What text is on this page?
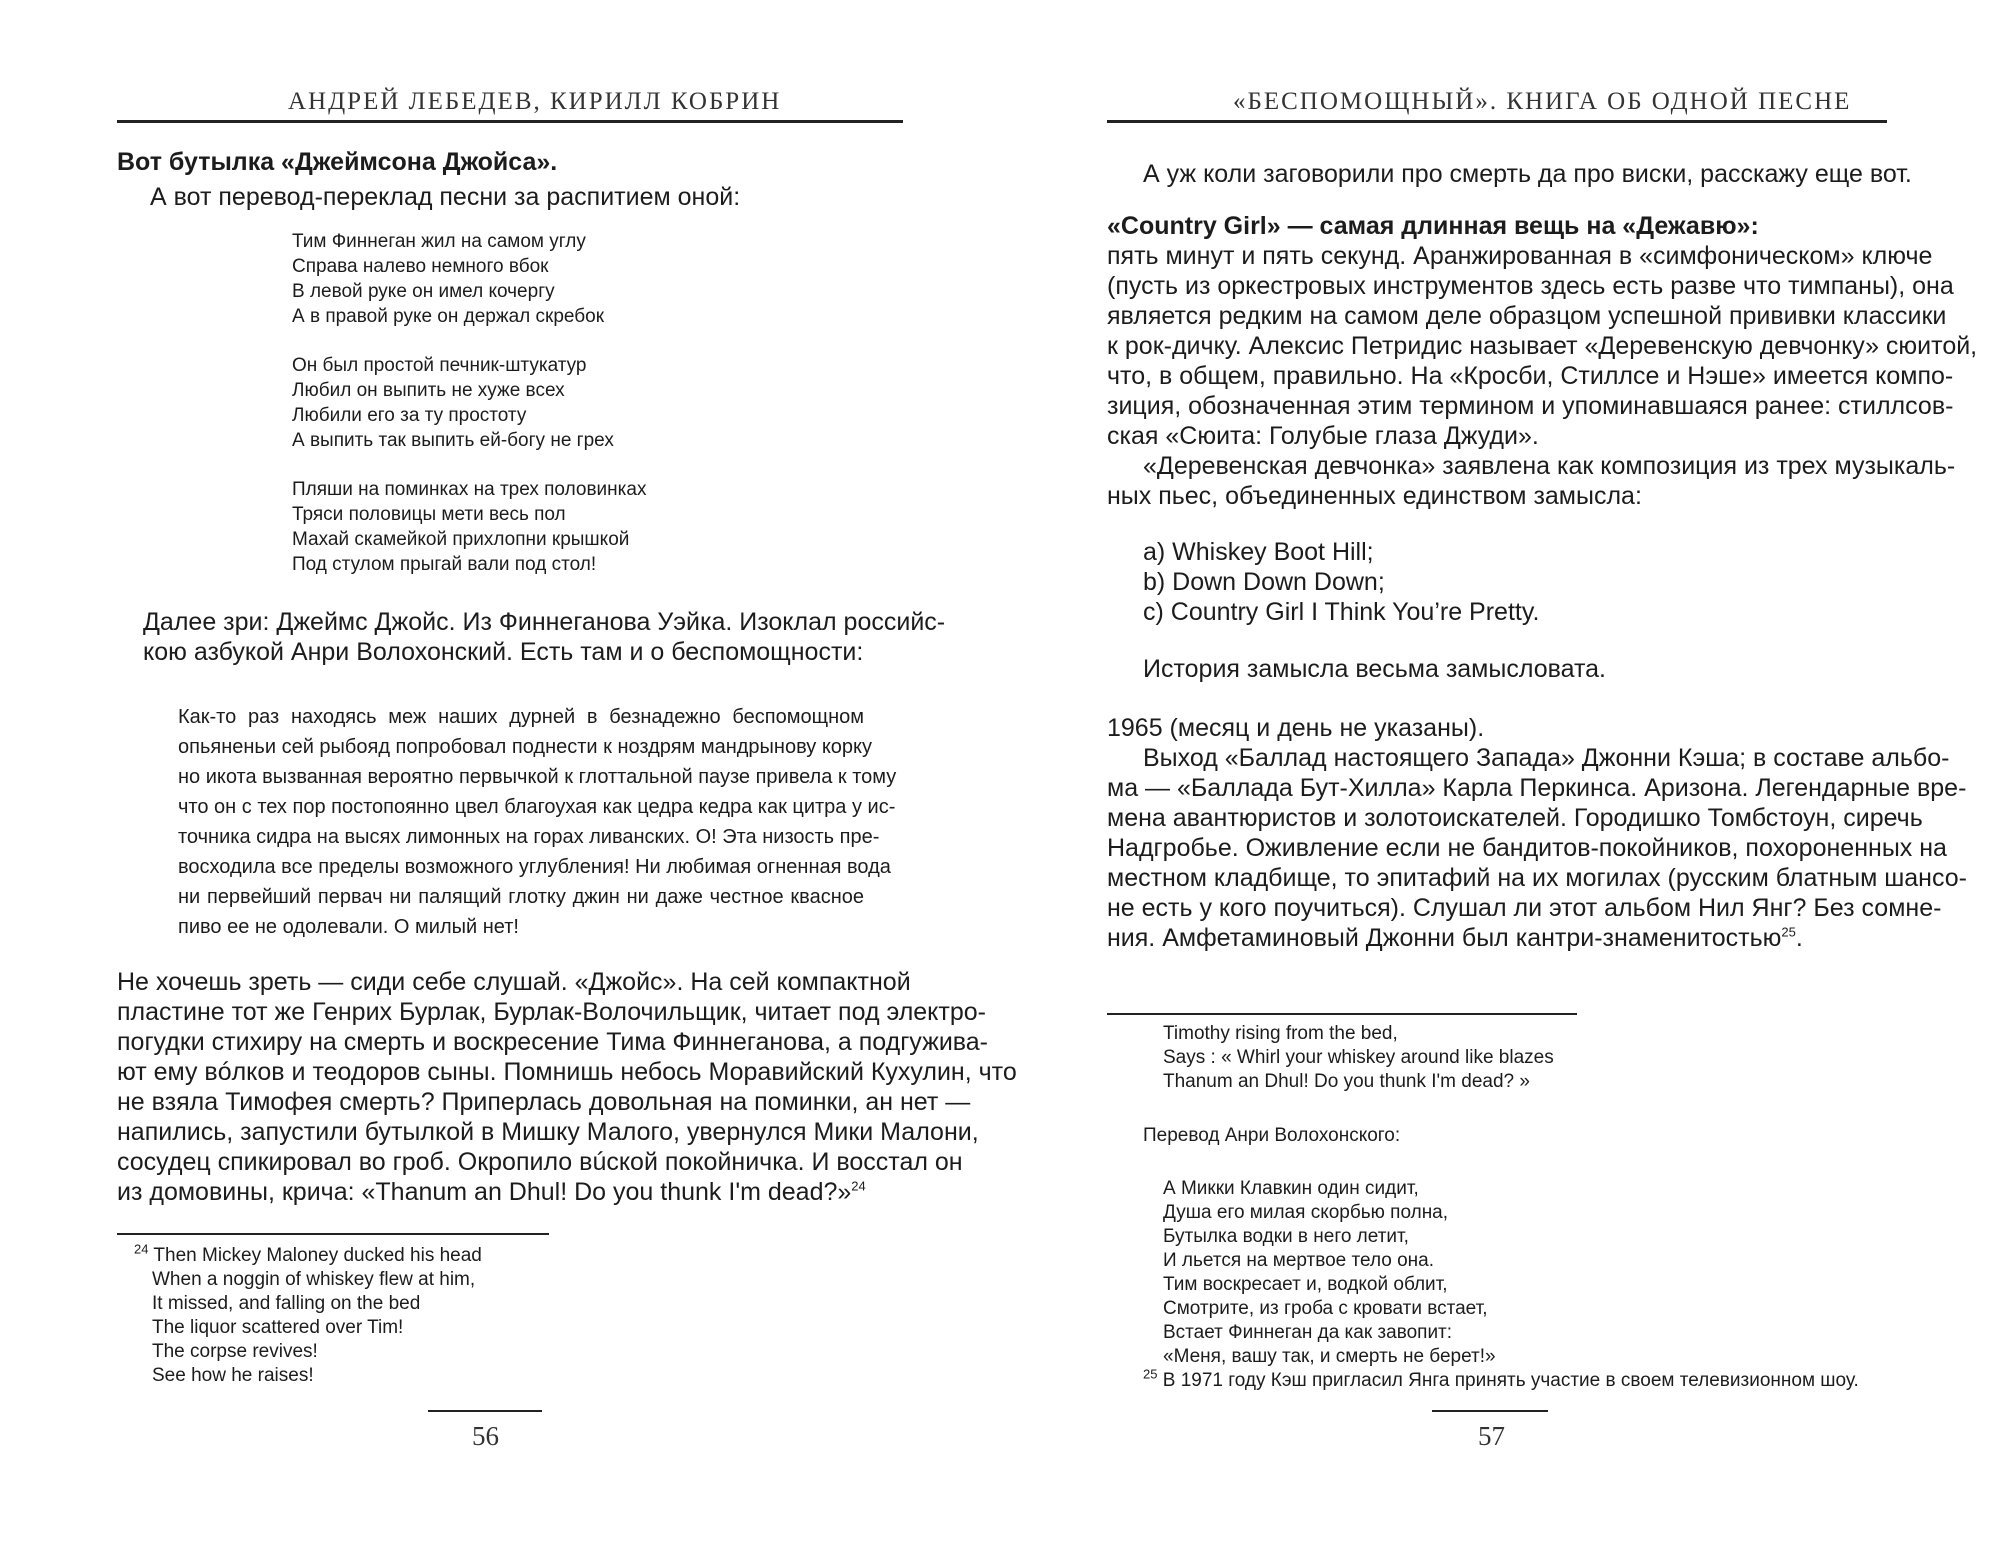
АНДРЕЙ ЛЕБЕДЕВ, КИРИЛЛ КОБРИН
Вот бутылка «Джеймсона Джойса».
А вот перевод-переклад песни за распитием оной:
Тим Финнеган жил на самом углу
Справа налево немного вбок
В левой руке он имел кочергу
А в правой руке он держал скребок
Он был простой печник-штукатур
Любил он выпить не хуже всех
Любили его за ту простоту
А выпить так выпить ей-богу не грех
Пляши на поминках на трех половинках
Тряси половицы мети весь пол
Махай скамейкой прихлопни крышкой
Под стулом прыгай вали под стол!
Далее зри: Джеймс Джойс. Из Финнеганова Уэйка. Изоклал российс-
кою азбукой Анри Волохонский. Есть там и о беспомощности:
Как-то раз находясь меж наших дурней в безнадежно беспомощном
опьяненьи сей рыбояд попробовал поднести к ноздрям мандрынову корку
но икота вызванная вероятно первычкой к глоттальной паузе привела к тому
что он с тех пор постопоянно цвел благоухая как цедра кедра как цитра у ис-
точника сидра на высях лимонных на горах ливанских. О! Эта низость пре-
восходила все пределы возможного углубления! Ни любимая огненная вода
ни первейший первач ни палящий глотку джин ни даже честное квасное
пиво ее не одолевали. О милый нет!
Не хочешь зреть — сиди себе слушай. «Джойс». На сей компактной
пластине тот же Генрих Бурлак, Бурлак-Волочильщик, читает под электро-
погудки стихиру на смерть и воскресение Тима Финнеганова, а подгужива-
ют ему вóлков и теодоров сыны. Помнишь небось Моравийский Кухулин, что
не взяла Тимофея смерть? Приперлась довольная на поминки, ан нет —
напились, запустили бутылкой в Мишку Малого, увернулся Мики Малони,
сосудец спикировал во гроб. Окропило вúской покойничка. И восстал он
из домовины, крича: «Thanum an Dhul! Do you thunk I'm dead?»$^{24}$
$^{24}$ Then Mickey Maloney ducked his head
When a noggin of whiskey flew at him,
It missed, and falling on the bed
The liquor scattered over Tim!
The corpse revives!
See how he raises!
56
«БЕСПОМОЩНЫЙ». КНИГА ОБ ОДНОЙ ПЕСНЕ
А уж коли заговорили про смерть да про виски, расскажу еще вот.
«Country Girl» — самая длинная вещь на «Дежавю»:
пять минут и пять секунд. Аранжированная в «симфоническом» ключе
(пусть из оркестровых инструментов здесь есть разве что тимпаны), она
является редким на самом деле образцом успешной прививки классики
к рок-дичку. Алексис Петридис называет «Деревенскую девчонку» сюитой,
что, в общем, правильно. На «Кросби, Стиллсе и Нэше» имеется компо-
зиция, обозначенная этим термином и упоминавшаяся ранее: стиллсов-
ская «Сюита: Голубые глаза Джуди».
«Деревенская девчонка» заявлена как композиция из трех музыкаль-
ных пьес, объединенных единством замысла:
а) Whiskey Boot Hill;
b) Down Down Down;
c) Country Girl I Think You’re Pretty.
История замысла весьма замысловата.
1965 (месяц и день не указаны).
Выход «Баллад настоящего Запада» Джонни Кэша; в составе альбо-
ма — «Баллада Бут-Хилла» Карла Перкинса. Аризона. Легендарные вре-
мена авантюристов и золотоискателей. Городишко Томбстоун, сиречь
Надгробье. Оживление если не бандитов-покойников, похороненных на
местном кладбище, то эпитафий на их могилах (русским блатным шансо-
не есть у кого поучиться). Слушал ли этот альбом Нил Янг? Без сомне-
ния. Амфетаминовый Джонни был кантри-знаменитостью$^{25}$.
Timothy rising from the bed,
Says : « Whirl your whiskey around like blazes
Thanum an Dhul! Do you thunk I'm dead? »
Перевод Анри Волохонского:
А Микки Клавкин один сидит,
Душа его милая скорбью полна,
Бутылка водки в него летит,
И льется на мертвое тело она.
Тим воскресает и, водкой облит,
Смотрите, из гроба с кровати встает,
Встает Финнеган да как завопит:
«Меня, вашу так, и смерть не берет!»
$^{25}$ В 1971 году Кэш пригласил Янга принять участие в своем телевизионном шоу.
57
